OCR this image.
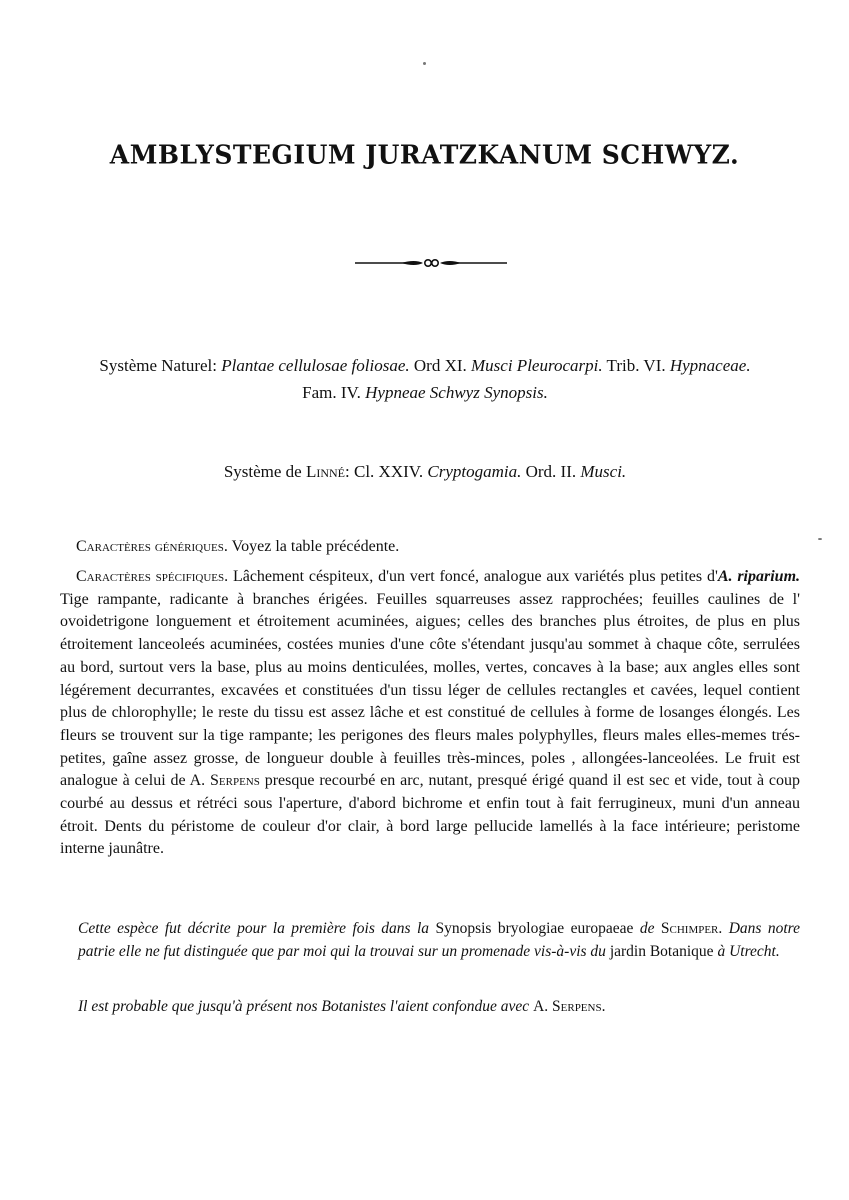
AMBLYSTEGIUM JURATZKANUM SCHWYZ.
Système Naturel: Plantae cellulosae foliosae. Ord XI. Musci Pleurocarpi. Trib. VI. Hypnaceae.
Fam. IV. Hypneae Schwyz Synopsis.
Système de Linné: Cl. XXIV. Cryptogamia. Ord. II. Musci.
Caractères génériques. Voyez la table précédente.
Caractères spécifiques. Lâchement céspiteux, d'un vert foncé, analogue aux variétés plus petites d'A. riparium. Tige rampante, radicante à branches érigées. Feuilles squarreuses assez rapprochées; feuilles caulines de l' ovoidetrigone longuement et étroitement acuminées, aigues; celles des branches plus étroites, de plus en plus étroitement lanceoleés acuminées, costées munies d'une côte s'étendant jusqu'au sommet à chaque côte, serrulées au bord, surtout vers la base, plus au moins denticulées, molles, vertes, concaves à la base; aux angles elles sont légérement decurrantes, excavées et constituées d'un tissu léger de cellules rectangles et cavées, lequel contient plus de chlorophylle; le reste du tissu est assez lâche et est constitué de cellules à forme de losanges élongés. Les fleurs se trouvent sur la tige rampante; les perigones des fleurs males polyphylles, fleurs males elles-memes trés-petites, gaîne assez grosse, de longueur double à feuilles très-minces, poles , allongées-lanceolées. Le fruit est analogue à celui de A. Serpens presque recourbé en arc, nutant, presqué érigé quand il est sec et vide, tout à coup courbé au dessus et rétréci sous l'aperture, d'abord bichrome et enfin tout à fait ferrugineux, muni d'un anneau étroit. Dents du péristome de couleur d'or clair, à bord large pellucide lamellés à la face intérieure; peristome interne jaunâtre.
Cette espèce fut décrite pour la première fois dans la Synopsis bryologiae europaeae de Schimper. Dans notre patrie elle ne fut distinguée que par moi qui la trouvai sur un promenade vis-à-vis du jardin Botanique à Utrecht.
Il est probable que jusqu'à présent nos Botanistes l'aient confondue avec A. Serpens.
